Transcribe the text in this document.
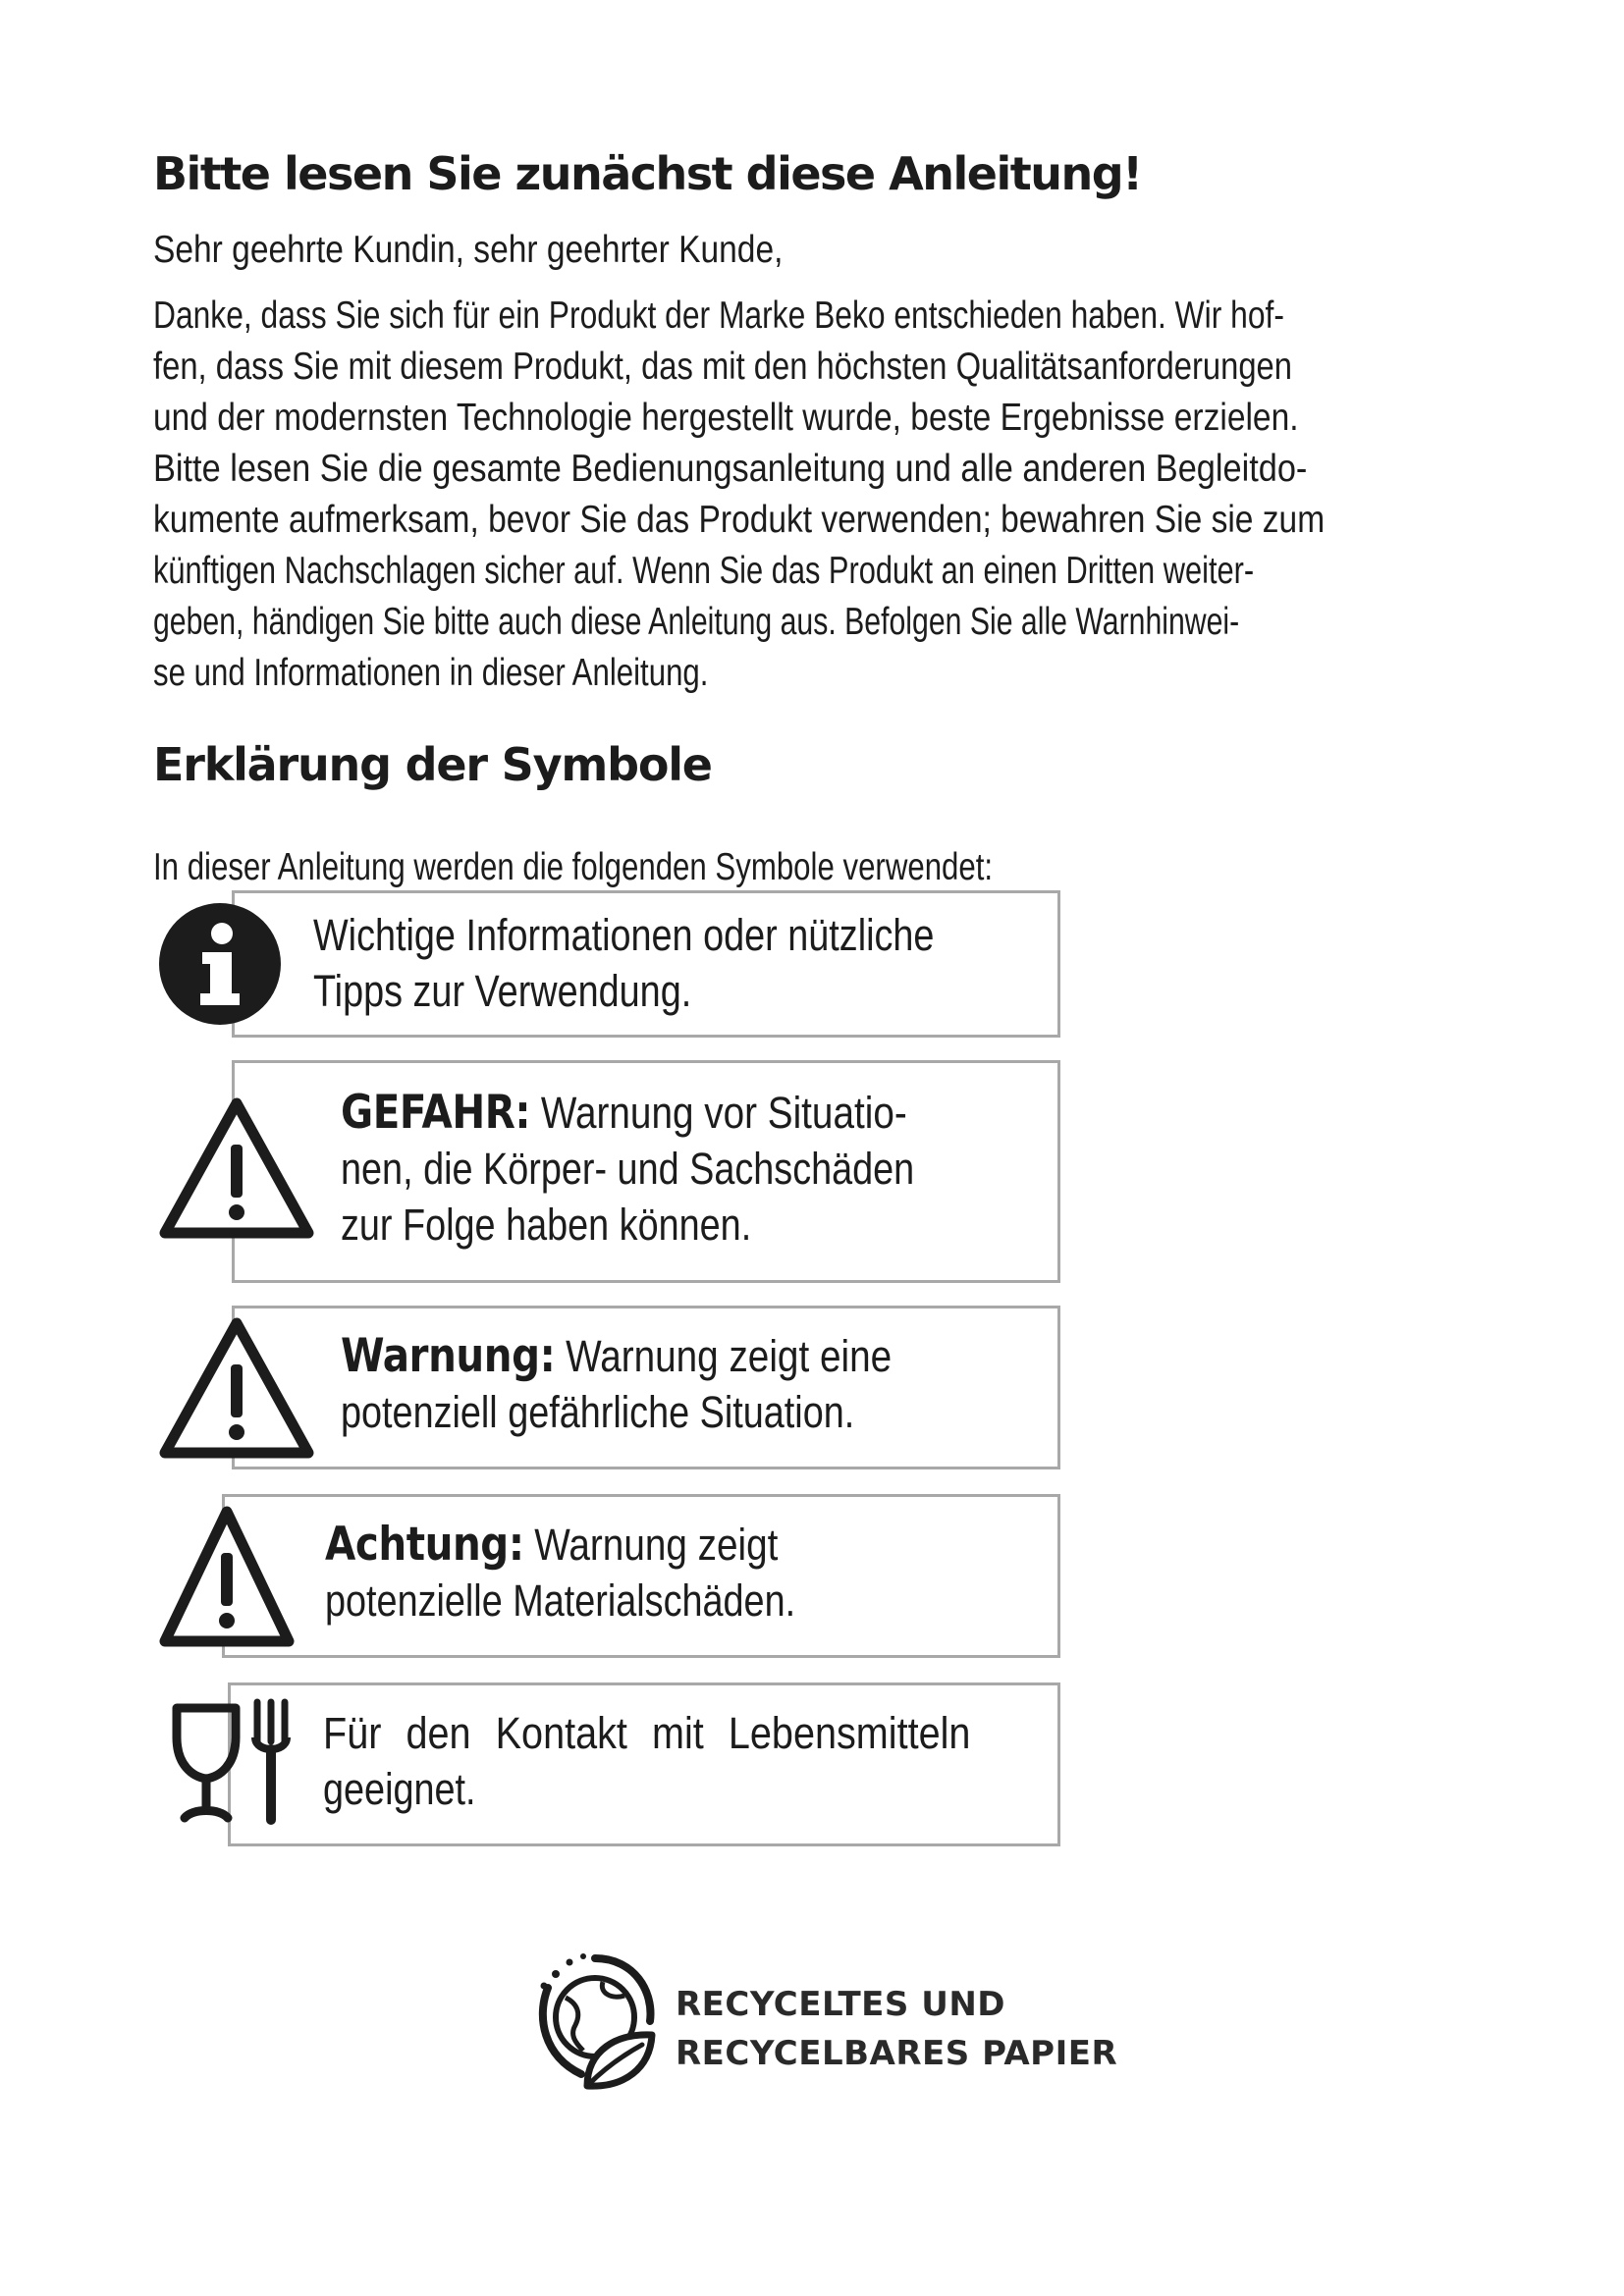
Bitte lesen Sie zunächst diese Anleitung!

Sehr geehrte Kundin, sehr geehrter Kunde,

Danke, dass Sie sich für ein Produkt der Marke Beko entschieden haben. Wir hof-

fen, dass Sie mit diesem Produkt, das mit den höchsten Qualitätsanforderungen

und der modernsten Technologie hergestellt wurde, beste Ergebnisse erzielen.

Bitte lesen Sie die gesamte Bedienungsanleitung und alle anderen Begleitdo-

kumente aufmerksam, bevor Sie das Produkt verwenden; bewahren Sie sie zum

künftigen Nachschlagen sicher auf. Wenn Sie das Produkt an einen Dritten weiter-

geben, händigen Sie bitte auch diese Anleitung aus. Befolgen Sie alle Warnhinwei-

se und Informationen in dieser Anleitung.

Erklärung der Symbole

In dieser Anleitung werden die folgenden Symbole verwendet:

Wichtige Informationen oder nützliche

Tipps zur Verwendung.

GEFAHR: Warnung vor Situatio-

nen, die Körper- und Sachschäden

zur Folge haben können.

Warnung: Warnung zeigt eine

potenziell gefährliche Situation.

Achtung: Warnung zeigt

potenzielle Materialschäden.

Für den Kontakt mit Lebensmitteln

geeignet.

RECYCELTES UND
RECYCELBARES PAPIER
